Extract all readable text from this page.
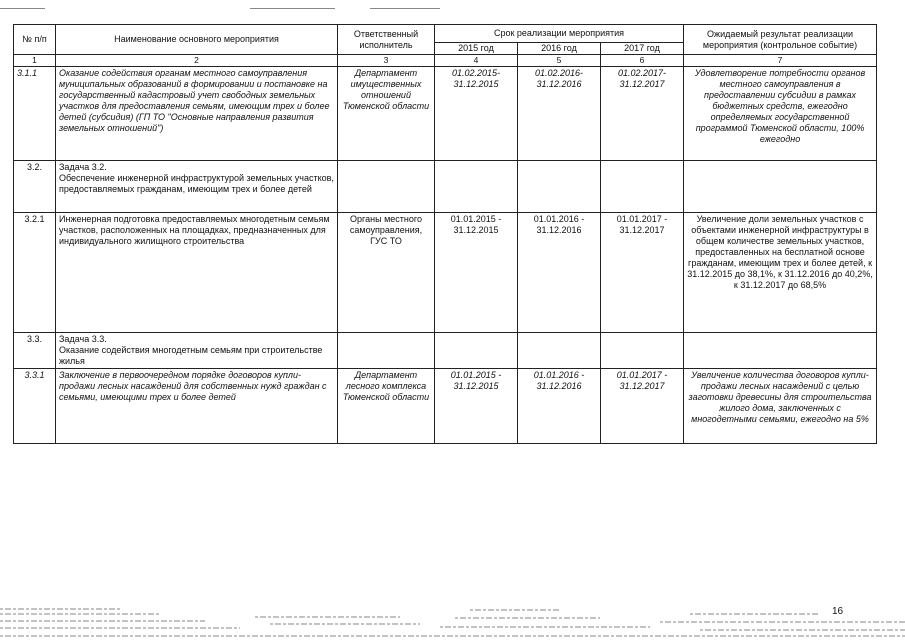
№ п/п	Наименование основного мероприятия	Ответственный исполнитель	Срок реализации мероприятия			Ожидаемый результат реализации мероприятия (контрольное событие)
			2015 год	2016 год	2017 год	
1	2	3	4	5	6	7
3.1.1	Оказание содействия органам местного самоуправления муниципальных образований в формировании и постановке на государственный кадастровый учет свободных земельных участков для предоставления семьям, имеющим трех и более детей (субсидия) (ГП ТО "Основные направления развития земельных отношений")	Департамент имущественных отношений Тюменской области	01.02.2015-31.12.2015	01.02.2016-31.12.2016	01.02.2017-31.12.2017	Удовлетворение потребности органов местного самоуправления в предоставлении субсидии в рамках бюджетных средств, ежегодно определяемых государственной программой Тюменской области, 100% ежегодно
3.2.	Задача 3.2.
Обеспечение инженерной инфраструктурой земельных участков, предоставляемых гражданам, имеющим трех и более детей					

3.2.1	Инженерная подготовка предоставляемых многодетным семьям участков, расположенных на площадках, предназначенных для индивидуального жилищного строительства	Органы местного самоуправления, ГУС ТО	01.01.2015 - 31.12.2015	01.01.2016 - 31.12.2016	01.01.2017 - 31.12.2017	Увеличение доли земельных участков с объектами инженерной инфраструктуры в общем количестве земельных участков, предоставленных на бесплатной основе гражданам, имеющим трех и более детей, к 31.12.2015 до 38,1%, к 31.12.2016 до 40,2%, к 31.12.2017 до 68,5%
3.3.	Задача 3.3.
Оказание содействия многодетным семьям при строительстве жилья					

3.3.1	Заключение в первоочередном порядке договоров купли-продажи лесных насаждений для собственных нужд граждан с семьями, имеющими трех и более детей	Департамент лесного комплекса Тюменской области	01.01.2015 - 31.12.2015	01.01.2016 - 31.12.2016	01.01.2017 - 31.12.2017	Увеличение количества договоров купли-продажи лесных насаждений с целью заготовки древесины для строительства жилого дома, заключенных с многодетными семьями, ежегодно на 5%
16
